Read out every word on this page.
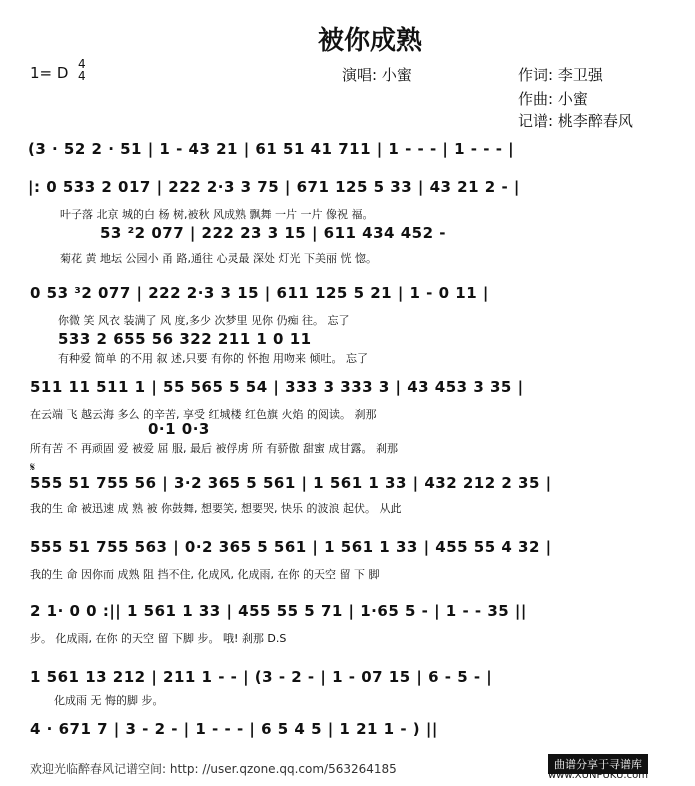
被你成熟
1= D 4
4	演唱: 小蜜	作词: 李卫强
作曲: 小蜜
记谱: 桃李醉春风
(3 · 52 2 · 51 | 1 - 43 21 | 61 51 41 711 | 1 - - - | 1 - - - |
|: 0 533 2 017 | 222 2·3 3 75 | 671 125 5 33 | 43 21 2 - |
叶子落 北京 城的白 杨 树,被秋 风成熟 飘舞 一片 一片 像祝 福。
53 ²2 077 | 222 23 3 15 | 611 434 452 -
菊花 黄 地坛 公园小 甬 路,通往 心灵最 深处 灯光 下美丽 恍 惚。
0 53 ³2 077 | 222 2·3 3 15 | 611 125 5 21 | 1 - 0 11 |
你微 笑 风衣 装满了 风 度,多少 次梦里 见你 仍痴 往。 忘了
533 2 655 56 322 211 1 0 11
有种爱 简单 的不用 叙 述,只要 有你的 怀抱 用吻来 倾吐。 忘了
511 11 511 1 | 55 565 5 54 | 333 3 333 3 | 43 453 3 35 |
在云端 飞 越云海 多么 的辛苦, 享受 红城楼 红色旗 火焰 的阅读。 刹那
0·1 0·3
所有苦 不 再顽固 爱 被爱 屈 服, 最后 被俘虏 所 有骄傲 甜蜜 成甘露。 刹那
𝄋
555 51 755 56 | 3·2 365 5 561 | 1 561 1 33 | 432 212 2 35 |
我的生 命 被迅速 成 熟 被 你鼓舞, 想要笑, 想要哭, 快乐 的波浪 起伏。 从此
555 51 755 563 | 0·2 365 5 561 | 1 561 1 33 | 455 55 4 32 |
我的生 命 因你而 成熟 阻 挡不住, 化成风, 化成雨, 在你 的天空 留 下 脚
2 1· 0 0 :|| 1 561 1 33 | 455 55 5 71 | 1·65 5 - | 1 - - 35 ||
步。 化成雨, 在你 的天空 留 下脚 步。 哦! 刹那 D.S
1 561 13 212 | 211 1 - - | (3 - 2 - | 1 - 07 15 | 6 - 5 - |
化成雨 无 悔的脚 步。
4 · 671 7 | 3 - 2 - | 1 - - - | 6 5 4 5 | 1 21 1 - ) ||
欢迎光临醉春风记谱空间: http: //user.qzone.qq.com/563264185	曲谱分享于寻谱库
www.XUNPUKU.com
